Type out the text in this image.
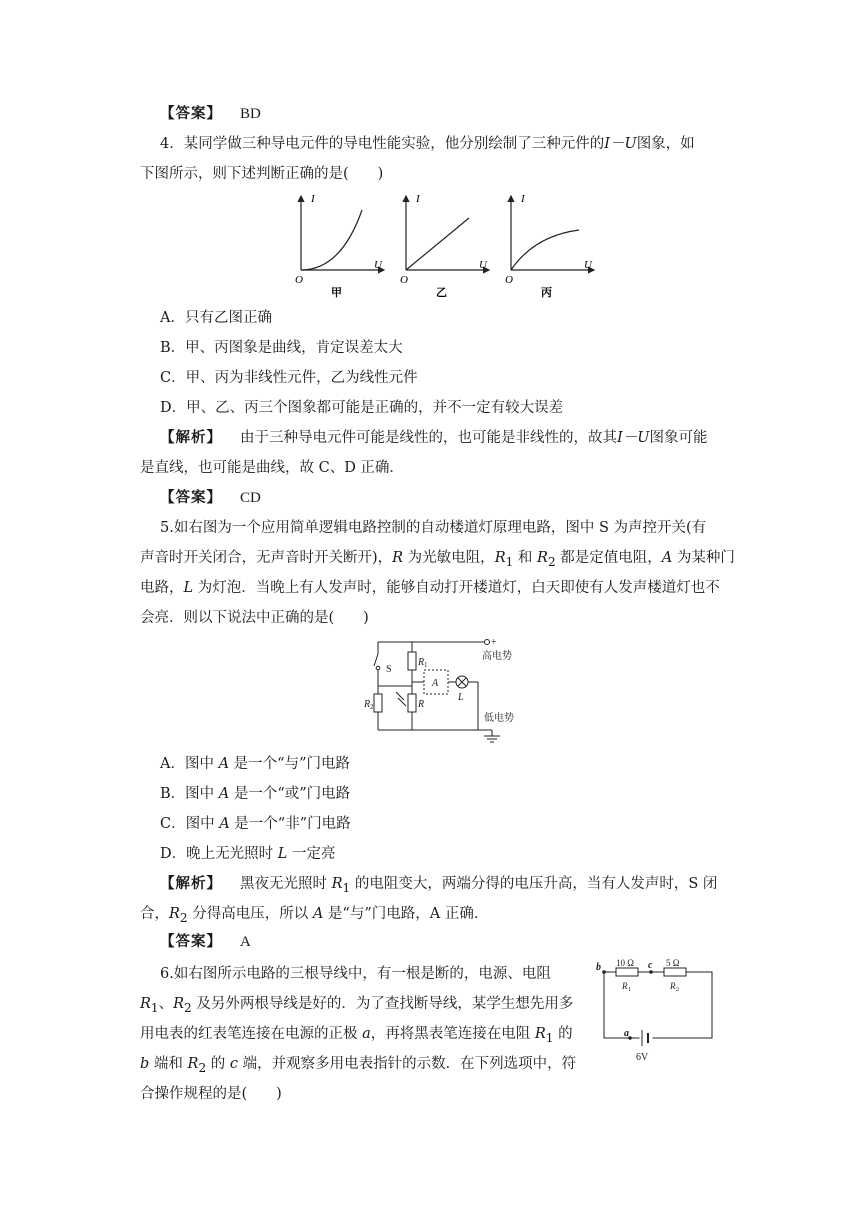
【答案】 BD
4．某同学做三种导电元件的导电性能实验，他分别绘制了三种元件的I－U图象，如
下图所示，则下述判断正确的是(　　)
I
U
O
甲
I
U
O
乙
I
U
O
丙
A．只有乙图正确
B．甲、丙图象是曲线，肯定误差太大
C．甲、丙为非线性元件，乙为线性元件
D．甲、乙、丙三个图象都可能是正确的，并不一定有较大误差
【解析】 由于三种导电元件可能是线性的，也可能是非线性的，故其I－U图象可能
是直线，也可能是曲线，故 C、D 正确．
【答案】 CD
5.如右图为一个应用简单逻辑电路控制的自动楼道灯原理电路，图中 S 为声控开关(有
声音时开关闭合，无声音时开关断开)，R 为光敏电阻，$R_1$ 和 $R_2$ 都是定值电阻，A 为某种门
电路，L 为灯泡．当晚上有人发声时，能够自动打开楼道灯，白天即使有人发声楼道灯也不
会亮．则以下说法中正确的是(　　)
+
高电势
低电势
S
R 1
R 2	R
A
L
A．图中 A 是一个“与”门电路
B．图中 A 是一个“或”门电路
C．图中 A 是一个“非”门电路
D．晚上无光照时 L 一定亮
【解析】 黑夜无光照时 $R_1$ 的电阻变大，两端分得的电压升高，当有人发声时，S 闭
合，$R_2$ 分得高电压，所以 A 是“与”门电路，A 正确．
【答案】 A
6.如右图所示电路的三根导线中，有一根是断的，电源、电阻
$R_1$、$R_2$ 及另外两根导线是好的．为了查找断导线，某学生想先用多
用电表的红表笔连接在电源的正极 a，再将黑表笔连接在电阻 $R_1$ 的
b 端和 $R_2$ 的 c 端，并观察多用电表指针的示数．在下列选项中，符
合操作规程的是(　　)
b	c
a
10 Ω	5 Ω
R 1	R 2
6V
